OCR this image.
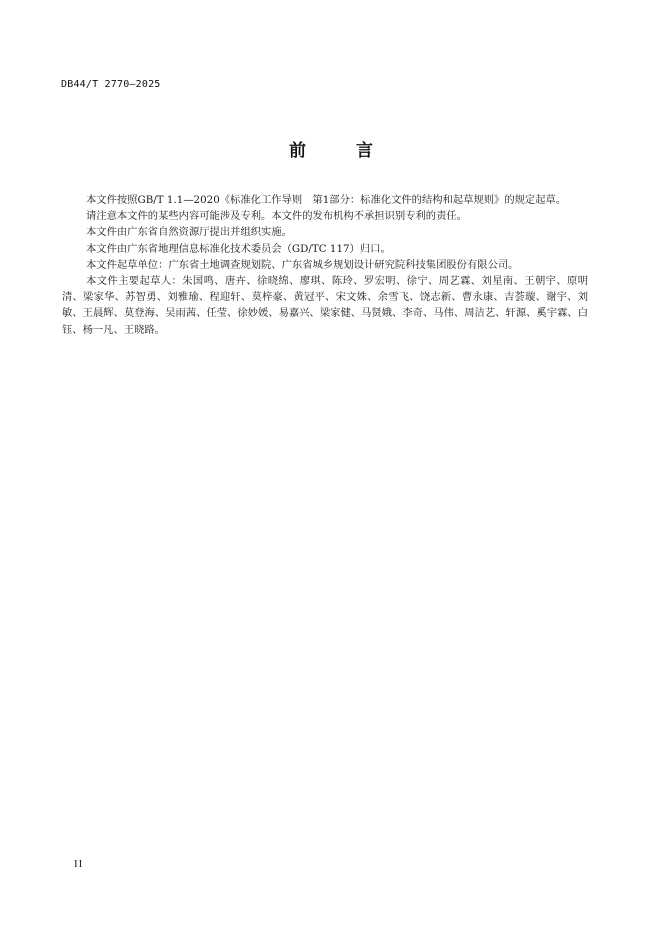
DB44/T 2770—2025
前 言

本文件按照GB/T 1.1—2020《标准化工作导则　第1部分：标准化文件的结构和起草规则》的规定起草。

请注意本文件的某些内容可能涉及专利。本文件的发布机构不承担识别专利的责任。

本文件由广东省自然资源厅提出并组织实施。

本文件由广东省地理信息标准化技术委员会（GD/TC 117）归口。

本文件起草单位：广东省土地调查规划院、广东省城乡规划设计研究院科技集团股份有限公司。

本文件主要起草人：朱国鸣、唐卉、徐晓绵、廖琪、陈玲、罗宏明、徐宁、周艺霖、刘星南、王朝宇、原明清、梁家华、苏智勇、刘雅瑜、程迎轩、莫梓豪、黄冠平、宋文姝、余雪飞、饶志新、曹永康、吉荟璇、谢宇、刘敏、王晨辉、莫登海、吴雨茜、任莹、徐妙媛、易嘉兴、梁家健、马贤娥、李奇、马伟、周洁艺、轩源、奚宇霖、白钰、杨一凡、王晓路。

II
